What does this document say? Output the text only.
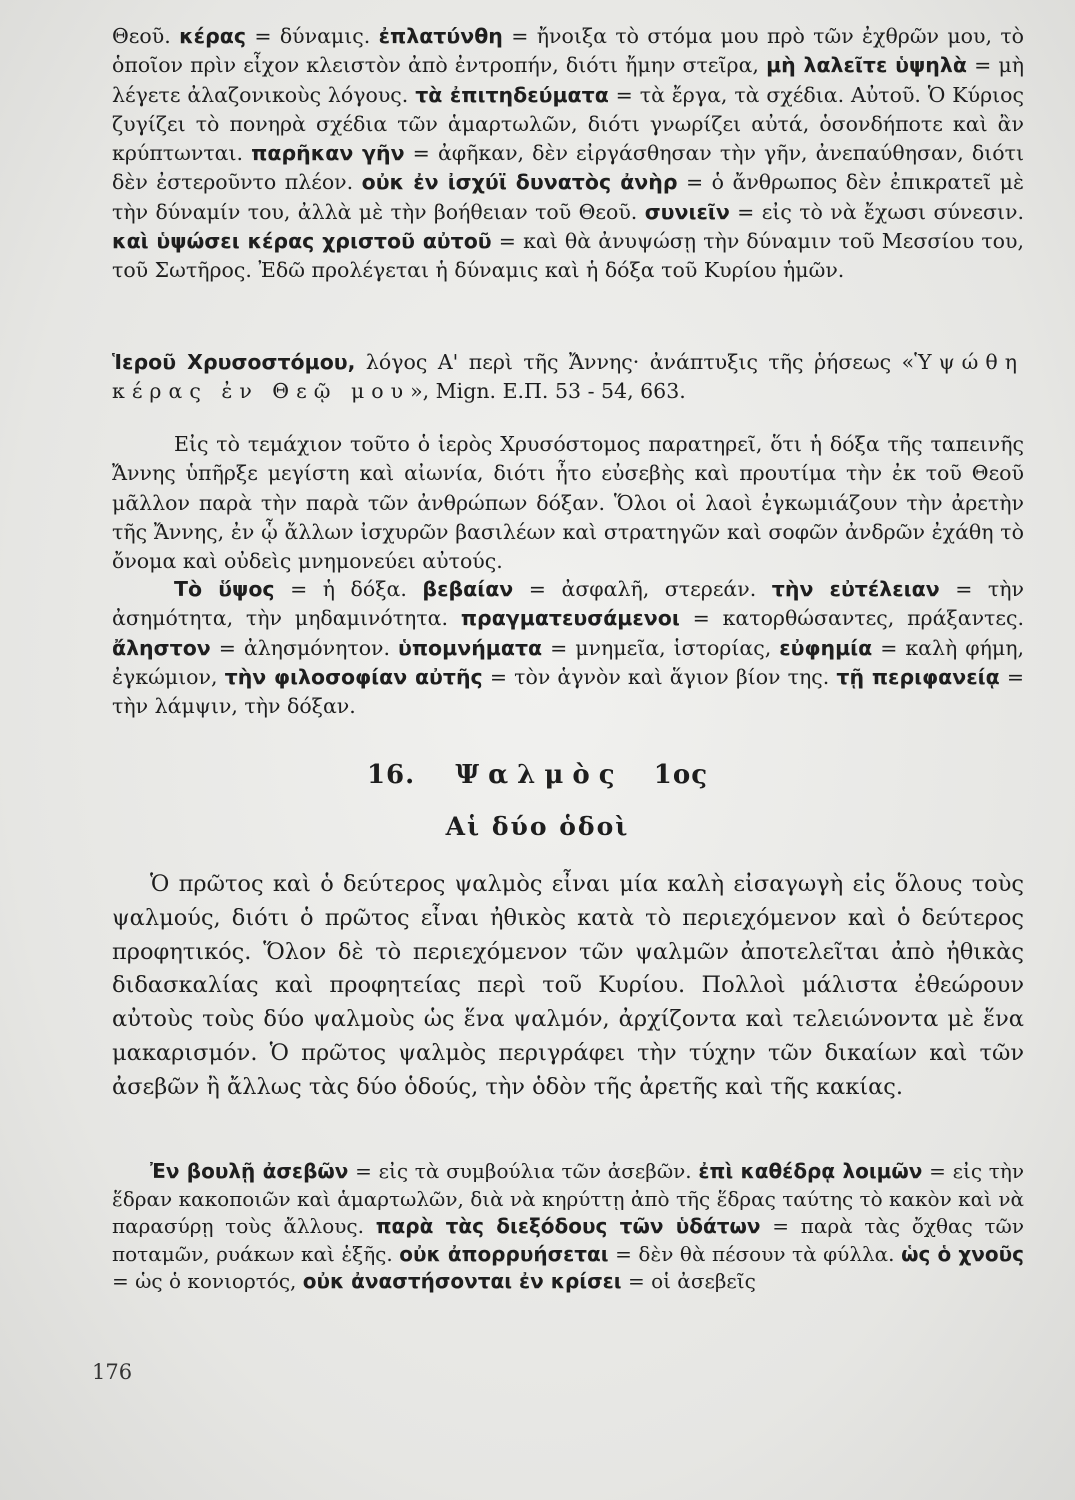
Θεοῦ. κέρας = δύναμις. ἐπλατύνθη = ἤνοιξα τὸ στόμα μου πρὸ τῶν ἐχθρῶν μου, τὸ ὁποῖον πρὶν εἶχον κλειστὸν ἀπὸ ἐντροπήν, διότι ἤμην στεῖρα, μὴ λαλεῖτε ὑψηλὰ = μὴ λέγετε ἀλαζονικοὺς λόγους. τὰ ἐπιτηδεύματα = τὰ ἔργα, τὰ σχέδια. Αὐτοῦ. Ὁ Κύριος ζυγίζει τὸ πονηρὰ σχέδια τῶν ἁμαρτωλῶν, διότι γνωρίζει αὐτά, ὁσονδήποτε καὶ ἂν κρύπτωνται. παρῆκαν γῆν = ἀφῆκαν, δὲν εἰργάσθησαν τὴν γῆν, ἀνεπαύθησαν, διότι δὲν ἐστεροῦντο πλέον. οὐκ ἐν ἰσχύϊ δυνατὸς ἀνὴρ = ὁ ἄνθρωπος δὲν ἐπικρατεῖ μὲ τὴν δύναμίν του, ἀλλὰ μὲ τὴν βοήθειαν τοῦ Θεοῦ. συνιεῖν = εἰς τὸ νὰ ἔχωσι σύνεσιν. καὶ ὑψώσει κέρας χριστοῦ αὐτοῦ = καὶ θὰ ἀνυψώσῃ τὴν δύναμιν τοῦ Μεσσίου του, τοῦ Σωτῆρος. Ἐδῶ προλέγεται ἡ δύναμις καὶ ἡ δόξα τοῦ Κυρίου ἡμῶν.
Ἱεροῦ Χρυσοστόμου, λόγος Α' περὶ τῆς Ἄννης· ἀνάπτυξις τῆς ῥήσεως «Ὑψώθη κέρας ἐν Θεῷ μου», Mign. Ε.Π. 53 - 54, 663.
Εἰς τὸ τεμάχιον τοῦτο ὁ ἱερὸς Χρυσόστομος παρατηρεῖ, ὅτι ἡ δόξα τῆς ταπεινῆς Ἄννης ὑπῆρξε μεγίστη καὶ αἰωνία, διότι ἦτο εὐσεβὴς καὶ προυτίμα τὴν ἐκ τοῦ Θεοῦ μᾶλλον παρὰ τὴν παρὰ τῶν ἀνθρώπων δόξαν. Ὅλοι οἱ λαοὶ ἐγκωμιάζουν τὴν ἀρετὴν τῆς Ἄννης, ἐν ᾧ ἄλλων ἰσχυρῶν βασιλέων καὶ στρατηγῶν καὶ σοφῶν ἀνδρῶν ἐχάθη τὸ ὄνομα καὶ οὐδεὶς μνημονεύει αὐτούς.
Τὸ ὕψος = ἡ δόξα. βεβαίαν = ἀσφαλῆ, στερεάν. τὴν εὐτέλειαν = τὴν ἀσημότητα, τὴν μηδαμινότητα. πραγματευσάμενοι = κατορθώσαντες, πράξαντες. ἄληστον = ἀλησμόνητον. ὑπομνήματα = μνημεῖα, ἱστορίας, εὐφημία = καλὴ φήμη, ἐγκώμιον, τὴν φιλοσοφίαν αὐτῆς = τὸν ἁγνὸν καὶ ἅγιον βίον της. τῇ περιφανείᾳ = τὴν λάμψιν, τὴν δόξαν.
16. Ψαλμὸς 1ος
Αἱ δύο ὁδοὶ
Ὁ πρῶτος καὶ ὁ δεύτερος ψαλμὸς εἶναι μία καλὴ εἰσαγωγὴ εἰς ὅλους τοὺς ψαλμούς, διότι ὁ πρῶτος εἶναι ἠθικὸς κατὰ τὸ περιεχόμενον καὶ ὁ δεύτερος προφητικός. Ὅλον δὲ τὸ περιεχόμενον τῶν ψαλμῶν ἀποτελεῖται ἀπὸ ἠθικὰς διδασκαλίας καὶ προφητείας περὶ τοῦ Κυρίου. Πολλοὶ μάλιστα ἐθεώρουν αὐτοὺς τοὺς δύο ψαλμοὺς ὡς ἕνα ψαλμόν, ἀρχίζοντα καὶ τελειώνοντα μὲ ἕνα μακαρισμόν. Ὁ πρῶτος ψαλμὸς περιγράφει τὴν τύχην τῶν δικαίων καὶ τῶν ἀσεβῶν ἢ ἄλλως τὰς δύο ὁδούς, τὴν ὁδὸν τῆς ἀρετῆς καὶ τῆς κακίας.
Ἐν βουλῇ ἀσεβῶν = εἰς τὰ συμβούλια τῶν ἀσεβῶν. ἐπὶ καθέδρᾳ λοιμῶν = εἰς τὴν ἕδραν κακοποιῶν καὶ ἁμαρτωλῶν, διὰ νὰ κηρύττῃ ἀπὸ τῆς ἕδρας ταύτης τὸ κακὸν καὶ νὰ παρασύρῃ τοὺς ἄλλους. παρὰ τὰς διεξόδους τῶν ὑδάτων = παρὰ τὰς ὄχθας τῶν ποταμῶν, ρυάκων καὶ ἑξῆς. οὐκ ἀπορρυήσεται = δὲν θὰ πέσουν τὰ φύλλα. ὡς ὁ χνοῦς = ὡς ὁ κονιορτός, οὐκ ἀναστήσονται ἐν κρίσει = οἱ ἀσεβεῖς
176
